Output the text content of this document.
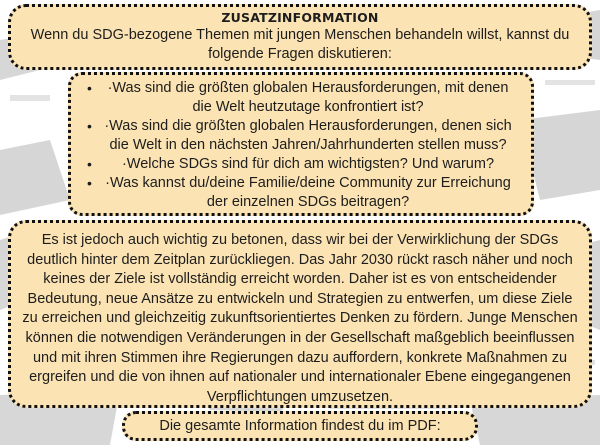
ZUSATZINFORMATION
Wenn du SDG-bezogene Themen mit jungen Menschen behandeln willst, kannst du folgende Fragen diskutieren:
• ·Was sind die größten globalen Herausforderungen, mit denen die Welt heutzutage konfrontiert ist?
• ·Was sind die größten globalen Herausforderungen, denen sich die Welt in den nächsten Jahren/Jahrhunderten stellen muss?
• ·Welche SDGs sind für dich am wichtigsten? Und warum?
• ·Was kannst du/deine Familie/deine Community zur Erreichung der einzelnen SDGs beitragen?
Es ist jedoch auch wichtig zu betonen, dass wir bei der Verwirklichung der SDGs deutlich hinter dem Zeitplan zurückliegen. Das Jahr 2030 rückt rasch näher und noch keines der Ziele ist vollständig erreicht worden. Daher ist es von entscheidender Bedeutung, neue Ansätze zu entwickeln und Strategien zu entwerfen, um diese Ziele zu erreichen und gleichzeitig zukunftsorientiertes Denken zu fördern. Junge Menschen können die notwendigen Veränderungen in der Gesellschaft maßgeblich beeinflussen und mit ihren Stimmen ihre Regierungen dazu auffordern, konkrete Maßnahmen zu ergreifen und die von ihnen auf nationaler und internationaler Ebene eingegangenen Verpflichtungen umzusetzen.
Die gesamte Information findest du im PDF:
